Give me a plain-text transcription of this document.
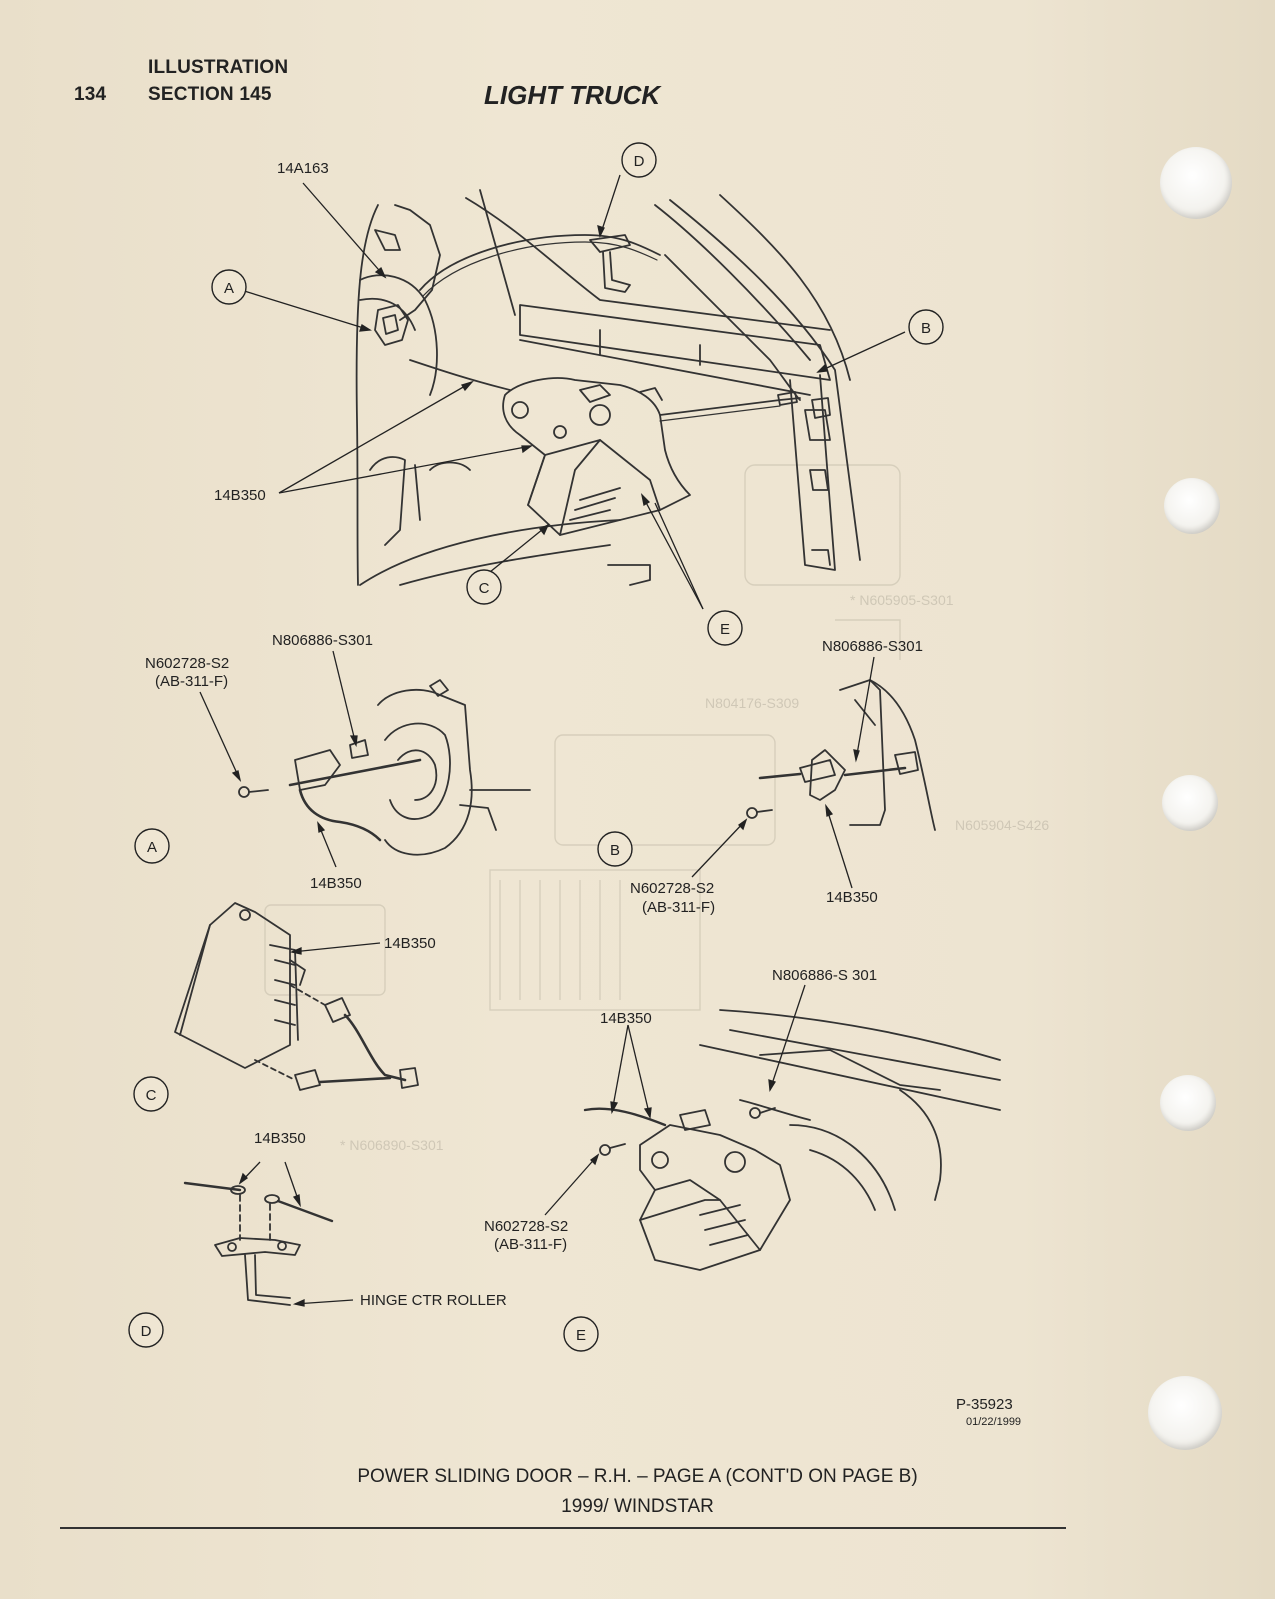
134
ILLUSTRATION
SECTION 145	LIGHT TRUCK
* N605905-S301
N804176-S309
N605904-S426
* N606890-S301
D
A
B
C
E
A	B
C
D	E
14A163
14B350
N602728-S2
(AB-311-F)
N806886-S301
14B350
N806886-S301
N602728-S2
(AB-311-F)
14B350
14B350
14B350
HINGE CTR ROLLER
N806886-S 301
14B350
N602728-S2
(AB-311-F)
P-35923
01/22/1999
POWER SLIDING DOOR – R.H. – PAGE A (CONT'D ON PAGE B)
1999/ WINDSTAR
